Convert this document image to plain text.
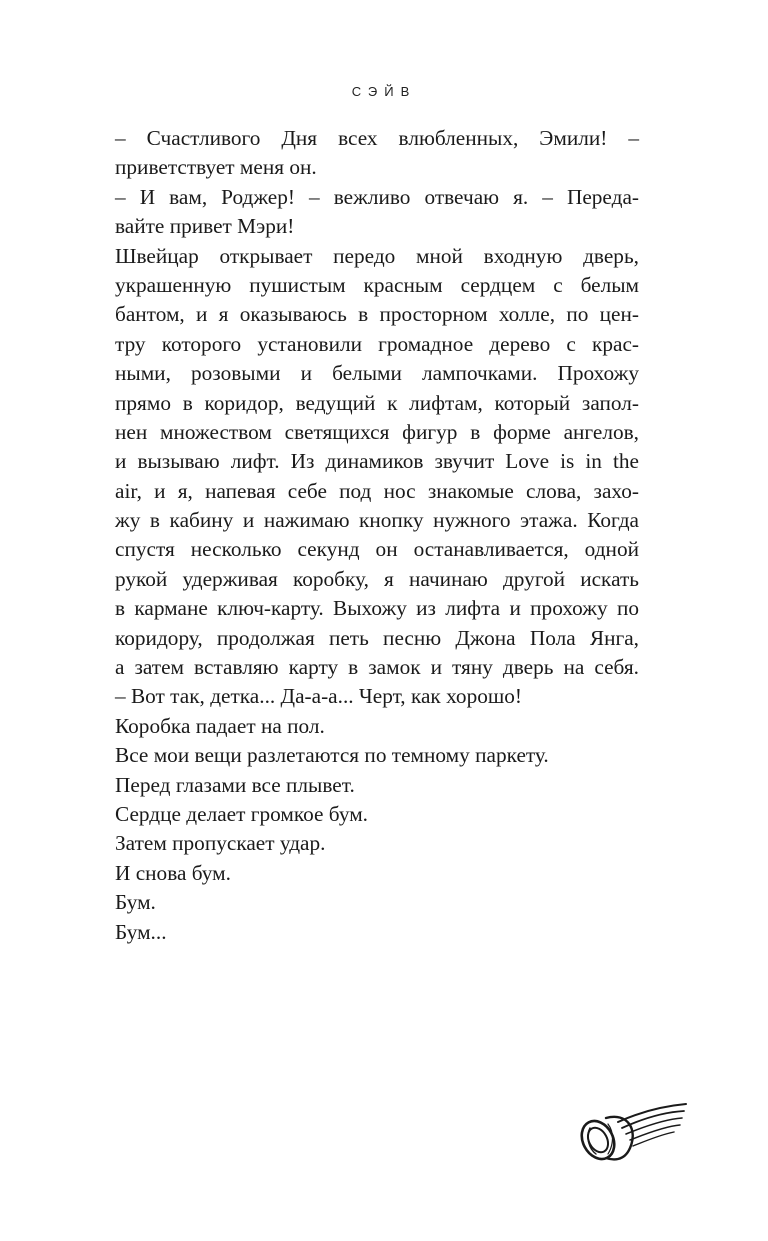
СЭЙВ
– Счастливого Дня всех влюбленных, Эмили! –
приветствует меня он.
– И вам, Роджер! – вежливо отвечаю я. – Переда-
вайте привет Мэри!
Швейцар открывает передо мной входную дверь,
украшенную пушистым красным сердцем с белым
бантом, и я оказываюсь в просторном холле, по цен-
тру которого установили громадное дерево с крас-
ными, розовыми и белыми лампочками. Прохожу
прямо в коридор, ведущий к лифтам, который запол-
нен множеством светящихся фигур в форме ангелов,
и вызываю лифт. Из динамиков звучит Love is in the
air, и я, напевая себе под нос знакомые слова, захо-
жу в кабину и нажимаю кнопку нужного этажа. Когда
спустя несколько секунд он останавливается, одной
рукой удерживая коробку, я начинаю другой искать
в кармане ключ-карту. Выхожу из лифта и прохожу по
коридору, продолжая петь песню Джона Пола Янга,
а затем вставляю карту в замок и тяну дверь на себя.
– Вот так, детка... Да-а-а... Черт, как хорошо!
Коробка падает на пол.
Все мои вещи разлетаются по темному паркету.
Перед глазами все плывет.
Сердце делает громкое бум.
Затем пропускает удар.
И снова бум.
Бум.
Бум...
